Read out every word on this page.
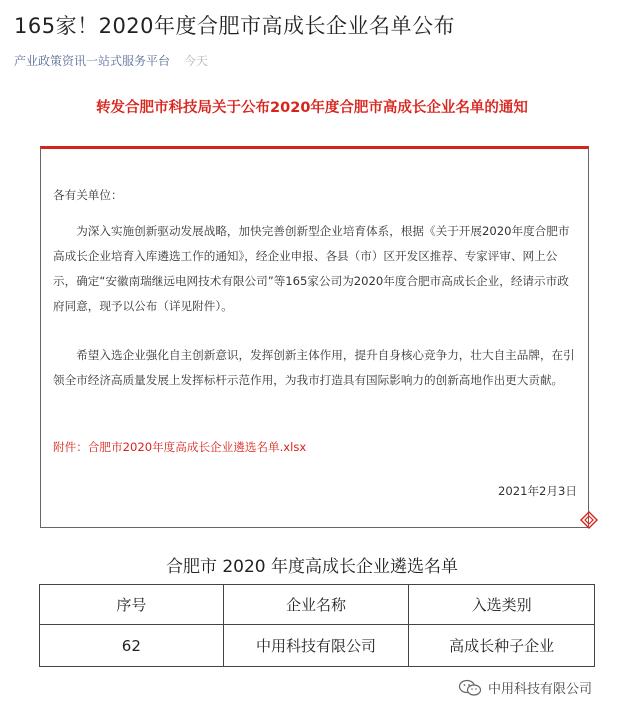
165家！2020年度合肥市高成长企业名单公布
产业政策资讯一站式服务平台 今天
转发合肥市科技局关于公布2020年度合肥市高成长企业名单的通知

各有关单位：

为深入实施创新驱动发展战略，加快完善创新型企业培育体系，根据《关于开展2020年度合肥市高成长企业培育入库遴选工作的通知》，经企业申报、各县（市）区开发区推荐、专家评审、网上公示，确定“安徽南瑞继远电网技术有限公司”等165家公司为2020年度合肥市高成长企业，经请示市政府同意，现予以公布（详见附件）。

希望入选企业强化自主创新意识，发挥创新主体作用，提升自身核心竞争力，壮大自主品牌，在引领全市经济高质量发展上发挥标杆示范作用，为我市打造具有国际影响力的创新高地作出更大贡献。

附件：合肥市2020年度高成长企业遴选名单.xlsx

2021年2月3日

合肥市 2020 年度高成长企业遴选名单
序号	企业名称	入选类别
62	中用科技有限公司	高成长种子企业
中用科技有限公司
